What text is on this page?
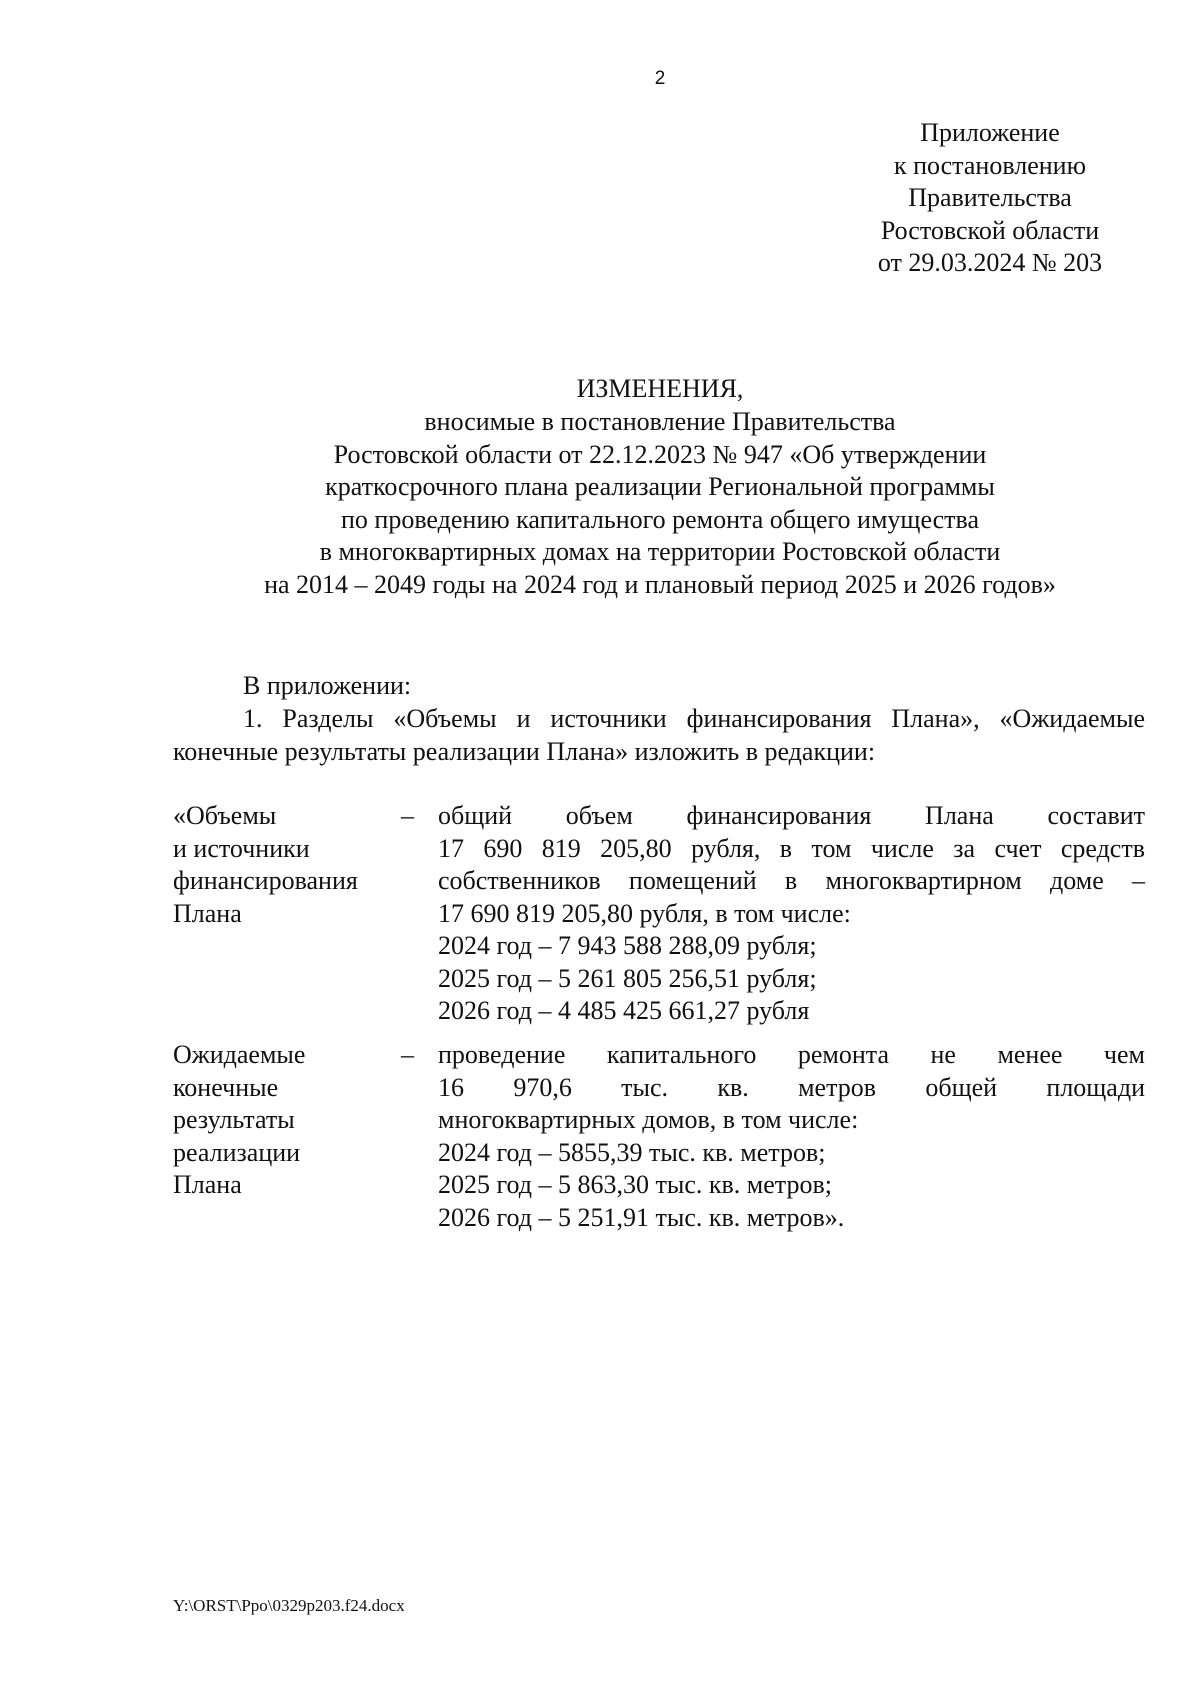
2
Приложение
к постановлению
Правительства
Ростовской области
от 29.03.2024 № 203
ИЗМЕНЕНИЯ,
вносимые в постановление Правительства
Ростовской области от 22.12.2023 № 947 «Об утверждении
краткосрочного плана реализации Региональной программы
по проведению капитального ремонта общего имущества
в многоквартирных домах на территории Ростовской области
на 2014 – 2049 годы на 2024 год и плановый период 2025 и 2026 годов»
В приложении:
1. Разделы «Объемы и источники финансирования Плана», «Ожидаемые
конечные результаты реализации Плана» изложить в редакции:
«Объемы
и источники
финансирования
Плана
– общий объем финансирования Плана составит
17 690 819 205,80 рубля, в том числе за счет средств
собственников помещений в многоквартирном доме –
17 690 819 205,80 рубля, в том числе:
2024 год – 7 943 588 288,09 рубля;
2025 год – 5 261 805 256,51 рубля;
2026 год – 4 485 425 661,27 рубля
Ожидаемые
конечные
результаты
реализации
Плана
– проведение капитального ремонта не менее чем
16 970,6 тыс. кв. метров общей площади
многоквартирных домов, в том числе:
2024 год – 5855,39 тыс. кв. метров;
2025 год – 5 863,30 тыс. кв. метров;
2026 год – 5 251,91 тыс. кв. метров».
Y:\ORST\Ppo\0329p203.f24.docx
